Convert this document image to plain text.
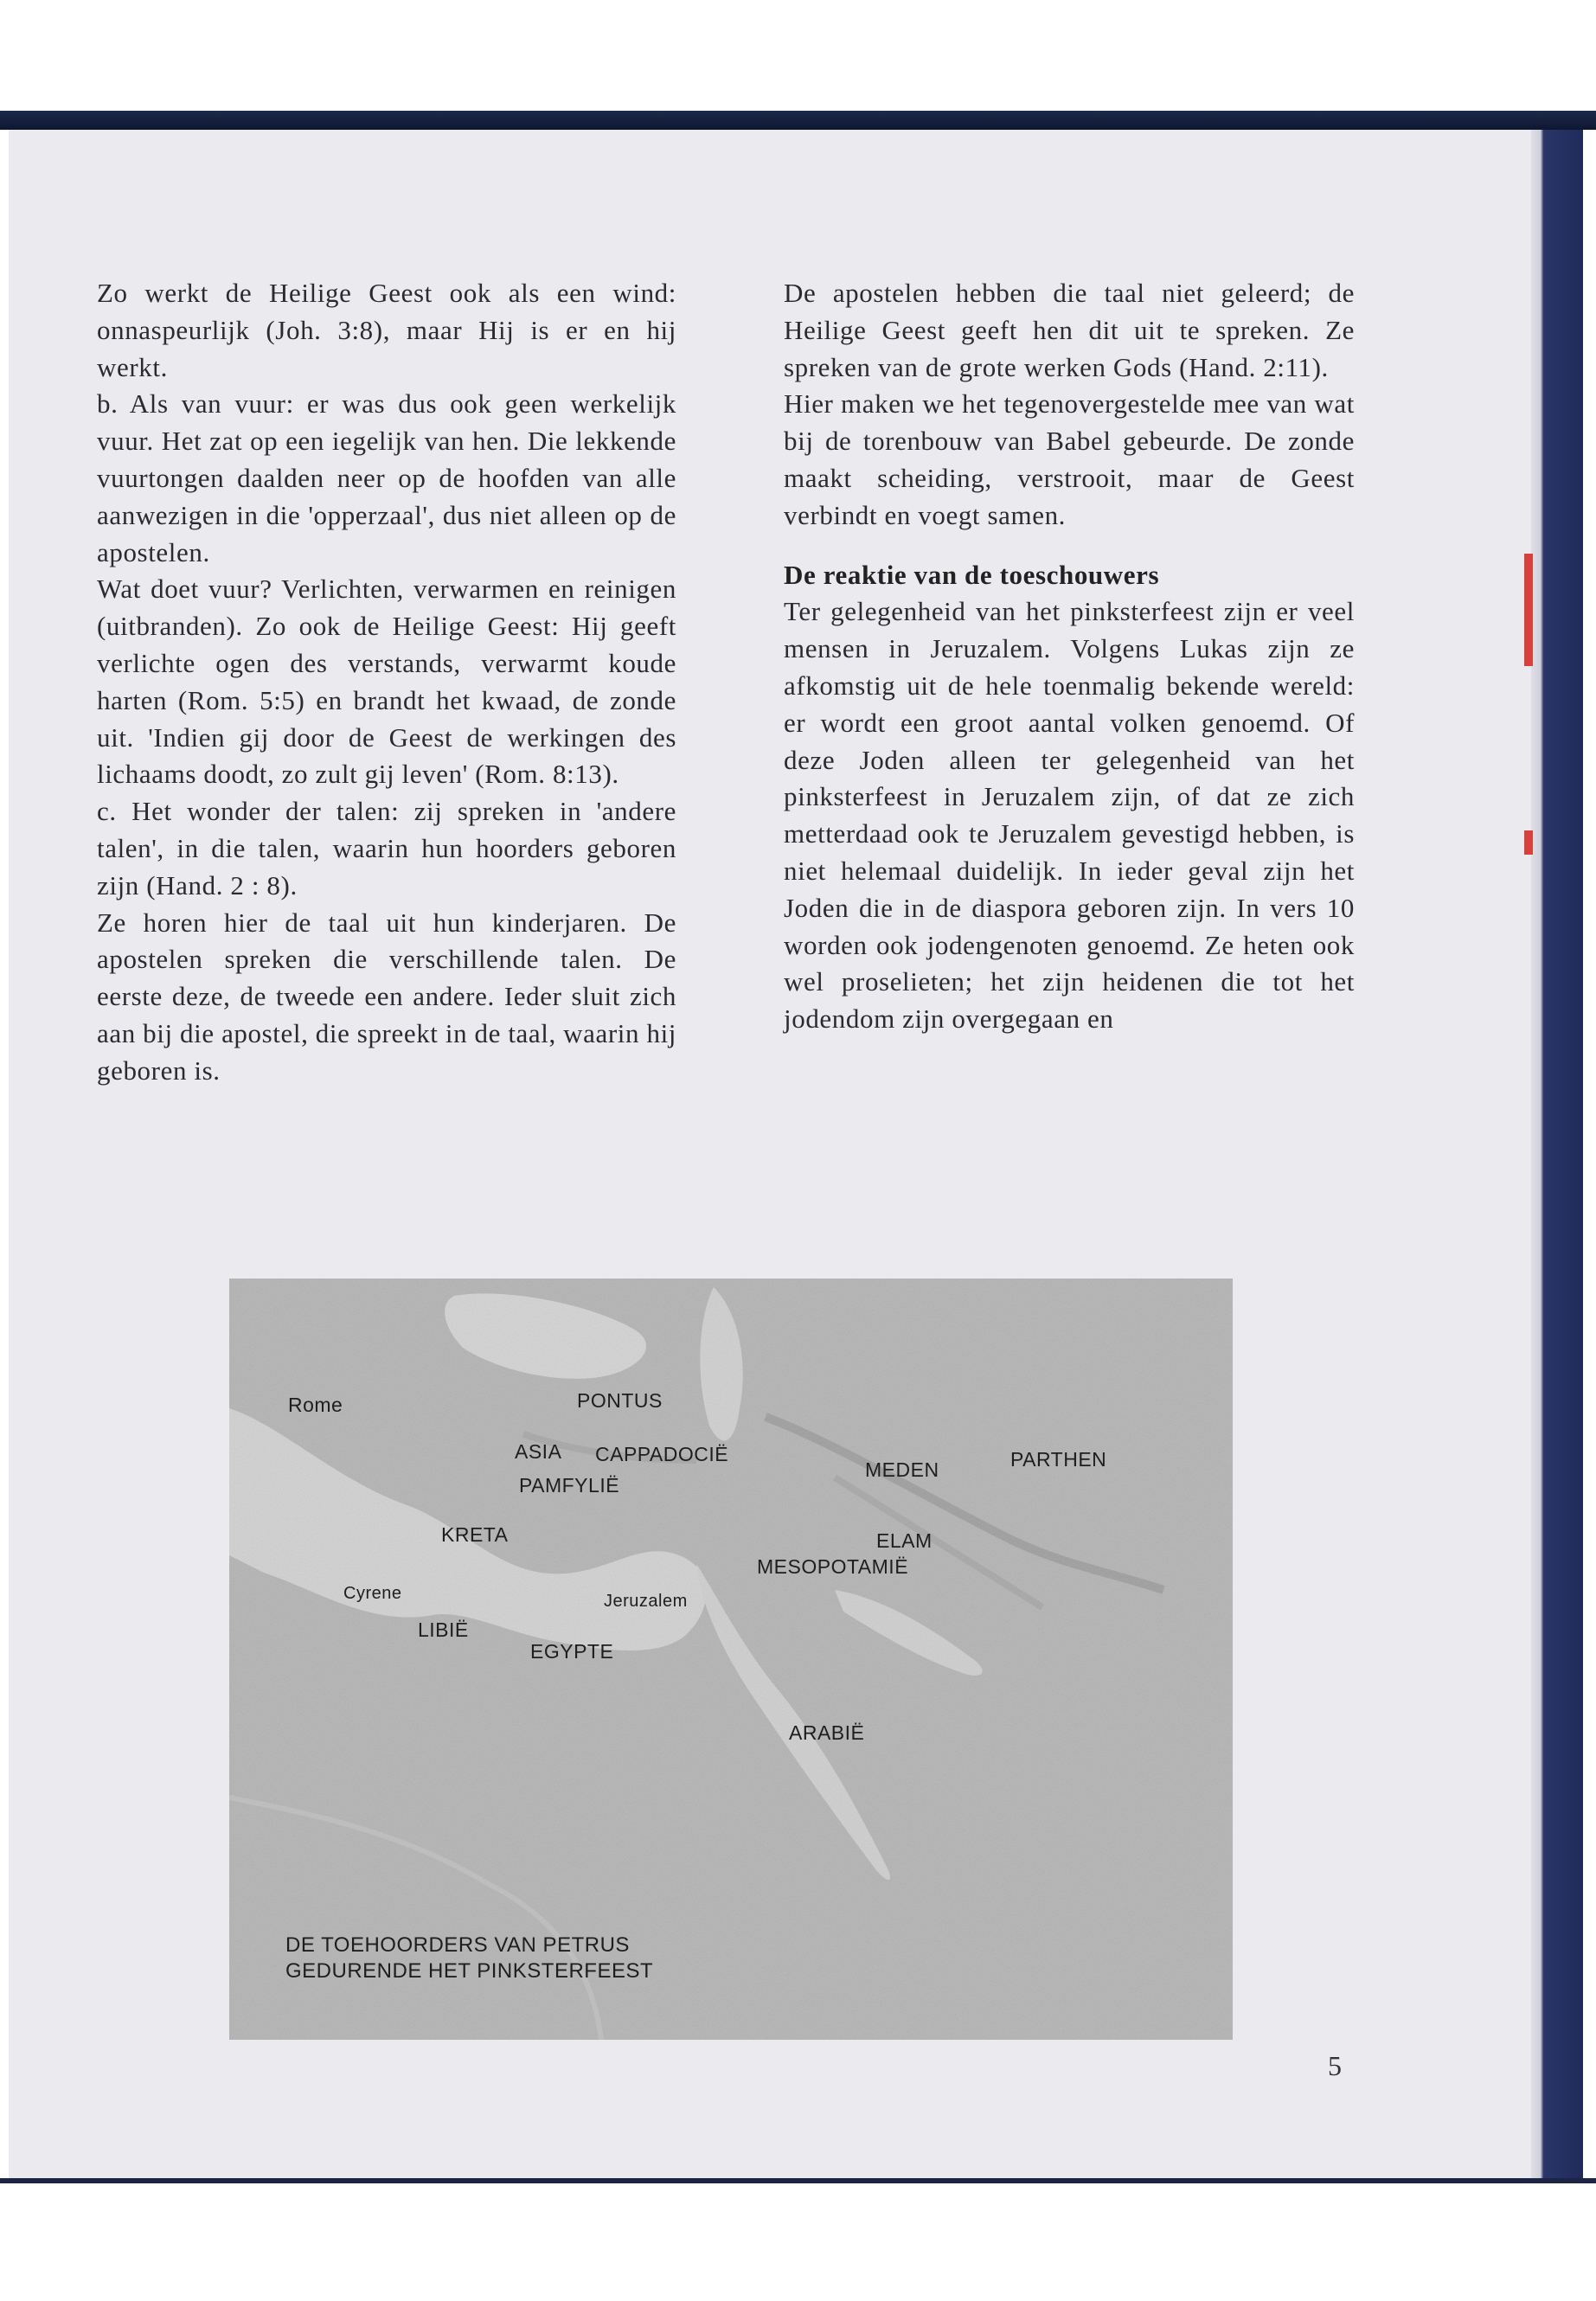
Zo werkt de Heilige Geest ook als een wind: onnaspeurlijk (Joh. 3:8), maar Hij is er en hij werkt.

b. Als van vuur: er was dus ook geen werkelijk vuur. Het zat op een iegelijk van hen. Die lekkende vuurtongen daalden neer op de hoofden van alle aanwezigen in die 'opperzaal', dus niet alleen op de apostelen.

Wat doet vuur? Verlichten, verwarmen en reinigen (uitbranden). Zo ook de Heilige Geest: Hij geeft verlichte ogen des verstands, verwarmt koude harten (Rom. 5:5) en brandt het kwaad, de zonde uit. 'Indien gij door de Geest de werkingen des lichaams doodt, zo zult gij leven' (Rom. 8:13).

c. Het wonder der talen: zij spreken in 'andere talen', in die talen, waarin hun hoorders geboren zijn (Hand. 2 : 8).

Ze horen hier de taal uit hun kinderjaren. De apostelen spreken die verschillende talen. De eerste deze, de tweede een andere. Ieder sluit zich aan bij die apostel, die spreekt in de taal, waarin hij geboren is.

De apostelen hebben die taal niet geleerd; de Heilige Geest geeft hen dit uit te spreken. Ze spreken van de grote werken Gods (Hand. 2:11).

Hier maken we het tegenovergestelde mee van wat bij de torenbouw van Babel gebeurde. De zonde maakt scheiding, verstrooit, maar de Geest verbindt en voegt samen.

De reaktie van de toeschouwers

Ter gelegenheid van het pinksterfeest zijn er veel mensen in Jeruzalem. Volgens Lukas zijn ze afkomstig uit de hele toenmalig bekende wereld: er wordt een groot aantal volken genoemd. Of deze Joden alleen ter gelegenheid van het pinksterfeest in Jeruzalem zijn, of dat ze zich metterdaad ook te Jeruzalem gevestigd hebben, is niet helemaal duidelijk. In ieder geval zijn het Joden die in de diaspora geboren zijn. In vers 10 worden ook jodengenoten genoemd. Ze heten ook wel proselieten; het zijn heidenen die tot het jodendom zijn overgegaan en

Rome	PONTUS
ASIA CAPPADOCIË
PAMFYLIË
MEDEN	PARTHEN
KRETA	ELAM
MESOPOTAMIË
Cyrene	Jeruzalem
LIBIË
EGYPTE
ARABIË
DE TOEHOORDERS VAN PETRUS
GEDURENDE HET PINKSTERFEEST
5
